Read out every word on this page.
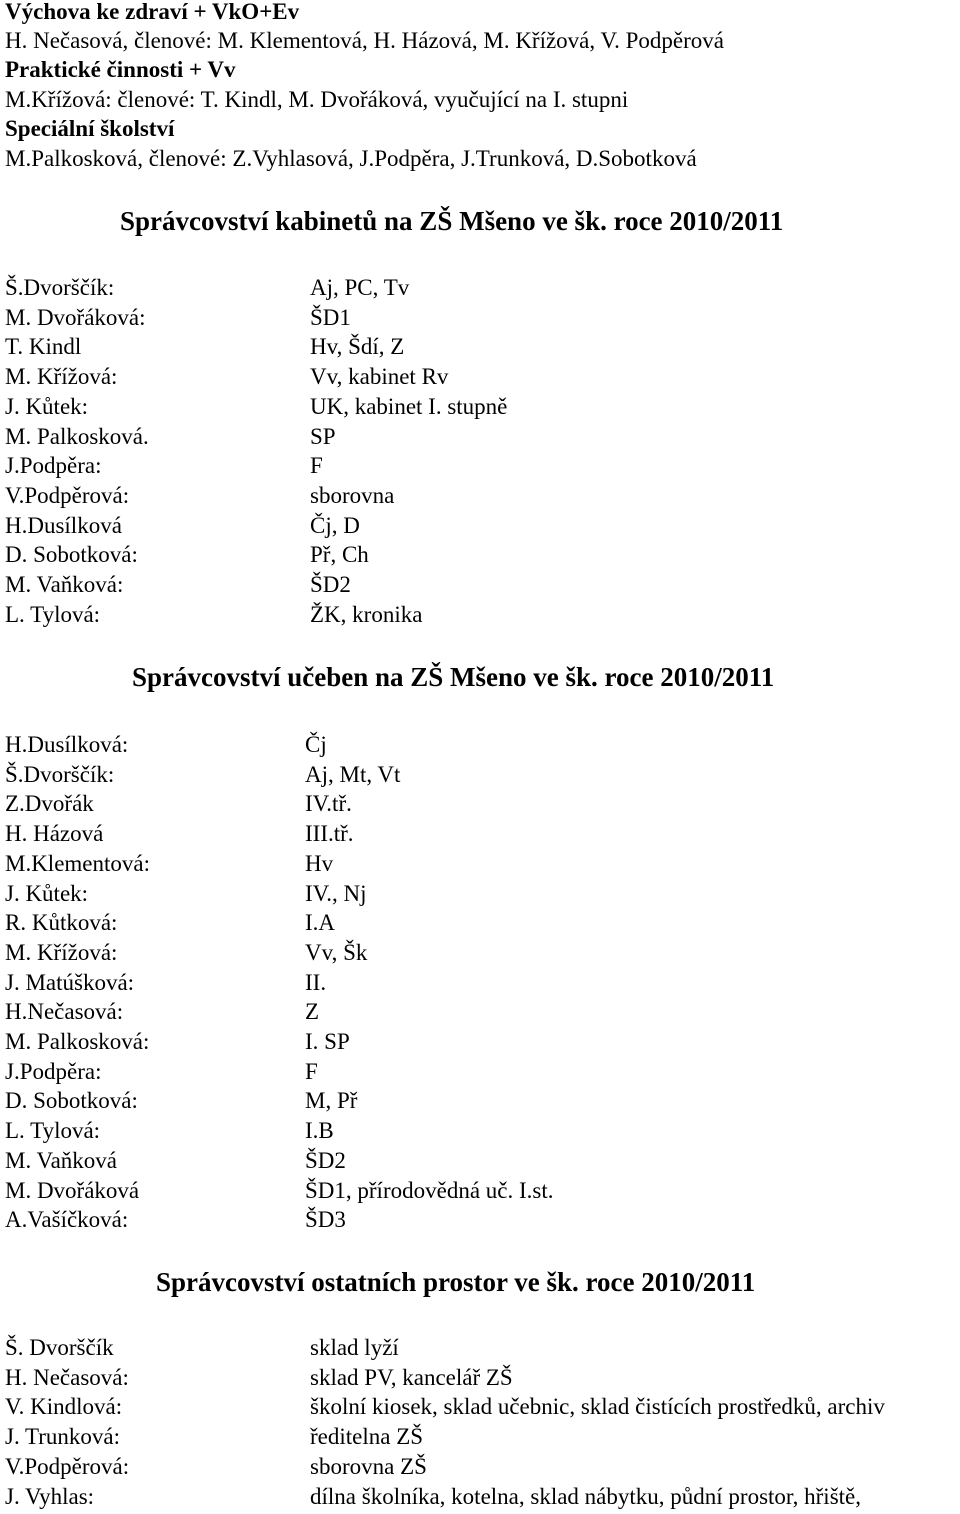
Výchova ke zdraví + VkO+Ev
H. Nečasová, členové: M. Klementová, H. Házová, M. Křížová, V. Podpěrová
Praktické činnosti + Vv
M.Křížová: členové: T. Kindl, M. Dvořáková, vyučující na I. stupni
Speciální školství
M.Palkosková, členové: Z.Vyhlasová, J.Podpěra, J.Trunková, D.Sobotková
Správcovství kabinetů na ZŠ Mšeno ve šk. roce 2010/2011
Š.Dvorščík:	Aj, PC, Tv
M. Dvořáková:	ŠD1
T. Kindl	Hv, Šdí, Z
M. Křížová:	Vv, kabinet Rv
J. Kůtek:	UK, kabinet I. stupně
M. Palkosková.	SP
J.Podpěra:	F
V.Podpěrová:	sborovna
H.Dusílková	Čj, D
D. Sobotková:	Př, Ch
M. Vaňková:	ŠD2
L. Tylová:	ŽK, kronika
Správcovství učeben na ZŠ Mšeno ve šk. roce 2010/2011
H.Dusílková:	Čj
Š.Dvorščík:	Aj, Mt, Vt
Z.Dvořák	IV.tř.
H. Házová	III.tř.
M.Klementová:	Hv
J. Kůtek:	IV., Nj
R. Kůtková:	I.A
M. Křížová:	Vv, Šk
J. Matúšková:	II.
H.Nečasová:	Z
M. Palkosková:	I. SP
J.Podpěra:	F
D. Sobotková:	M, Př
L. Tylová:	I.B
M. Vaňková	ŠD2
M. Dvořáková	ŠD1, přírodovědná uč. I.st.
A.Vašíčková:	ŠD3
Správcovství ostatních prostor ve šk. roce 2010/2011
Š. Dvorščík	sklad lyží
H. Nečasová:	sklad PV, kancelář ZŠ
V. Kindlová:	školní kiosek, sklad učebnic, sklad čistících prostředků, archiv
J. Trunková:	ředitelna ZŠ
V.Podpěrová:	sborovna ZŠ
J. Vyhlas:	dílna školníka, kotelna, sklad nábytku, půdní prostor, hřiště,
